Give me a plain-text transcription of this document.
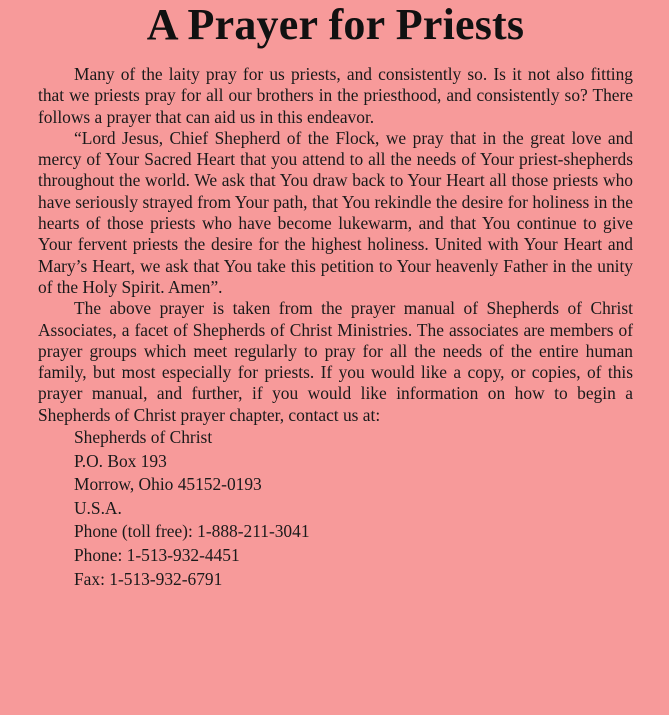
A Prayer for Priests

Many of the laity pray for us priests, and consistently so. Is it not also fitting that we priests pray for all our brothers in the priesthood, and consistently so? There follows a prayer that can aid us in this endeavor.

“Lord Jesus, Chief Shepherd of the Flock, we pray that in the great love and mercy of Your Sacred Heart that you attend to all the needs of Your priest-shepherds throughout the world. We ask that You draw back to Your Heart all those priests who have seriously strayed from Your path, that You rekindle the desire for holiness in the hearts of those priests who have become lukewarm, and that You continue to give Your fervent priests the desire for the highest holiness. United with Your Heart and Mary’s Heart, we ask that You take this petition to Your heavenly Father in the unity of the Holy Spirit. Amen”.

The above prayer is taken from the prayer manual of Shepherds of Christ Associates, a facet of Shepherds of Christ Ministries. The associates are members of prayer groups which meet regularly to pray for all the needs of the entire human family, but most especially for priests. If you would like a copy, or copies, of this prayer manual, and further, if you would like information on how to begin a Shepherds of Christ prayer chapter, contact us at:

Shepherds of Christ
P.O. Box 193
Morrow, Ohio 45152-0193
U.S.A.
Phone (toll free): 1-888-211-3041
Phone: 1-513-932-4451
Fax: 1-513-932-6791
